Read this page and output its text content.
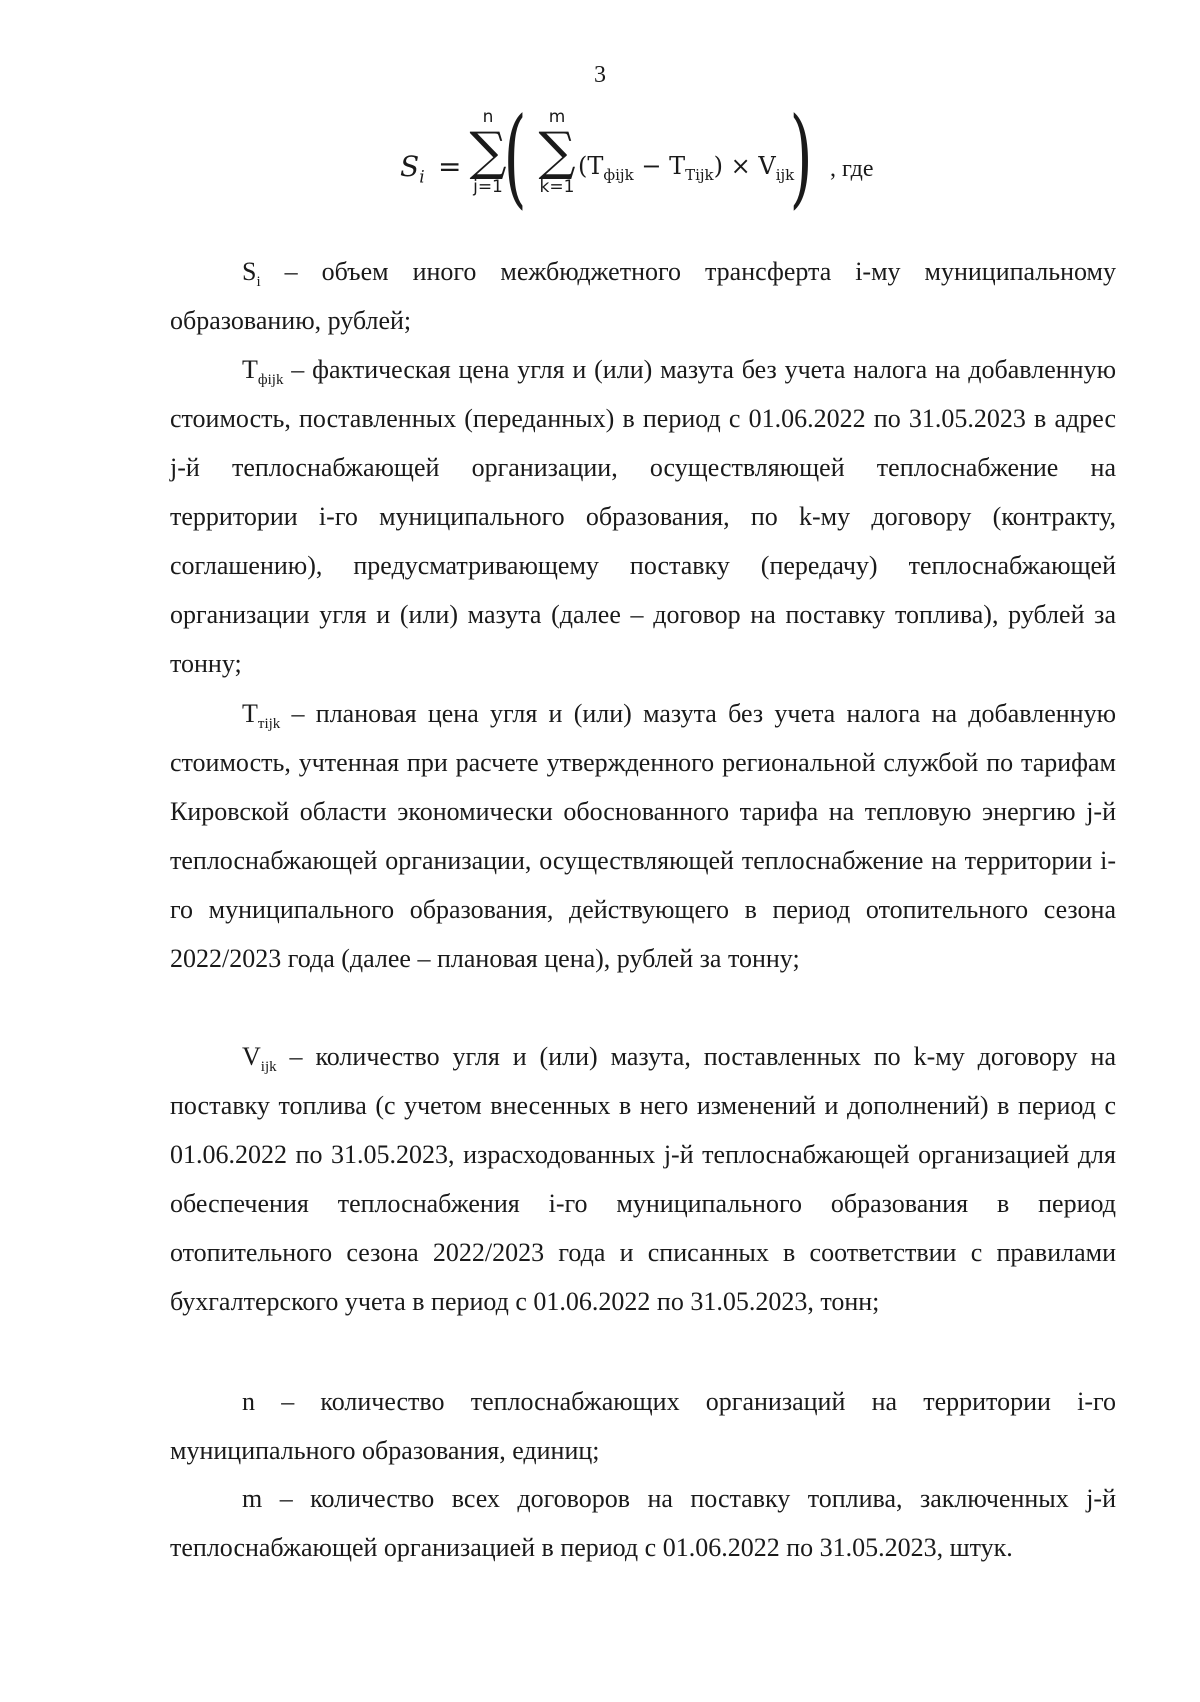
3
$S_i$ =
n
∑
j=1 (	m
∑
k=1
$(Т_{фijk} - Т_{Tijk}) \times V_{ijk}$
) , где

$S_i$ – объем иного межбюджетного трансферта i-му муниципальному образованию, рублей;

$Т_{фijk}$ – фактическая цена угля и (или) мазута без учета налога на добавленную стоимость, поставленных (переданных) в период с 01.06.2022 по 31.05.2023 в адрес j-й теплоснабжающей организации, осуществляющей теплоснабжение на территории i-го муниципального образования, по k-му договору (контракту, соглашению), предусматривающему поставку (передачу) теплоснабжающей организации угля и (или) мазута (далее – договор на поставку топлива), рублей за тонну;

$Т_{тijk}$ – плановая цена угля и (или) мазута без учета налога на добавленную стоимость, учтенная при расчете утвержденного региональной службой по тарифам Кировской области экономически обоснованного тарифа на тепловую энергию j-й теплоснабжающей организации, осуществляющей теплоснабжение на территории i-го муниципального образования, действующего в период отопительного сезона 2022/2023 года (далее – плановая цена), рублей за тонну;

$V_{ijk}$ – количество угля и (или) мазута, поставленных по k-му договору на поставку топлива (с учетом внесенных в него изменений и дополнений) в период с 01.06.2022 по 31.05.2023, израсходованных j-й теплоснабжающей организацией для обеспечения теплоснабжения i-го муниципального образования в период отопительного сезона 2022/2023 года и списанных в соответствии с правилами бухгалтерского учета в период с 01.06.2022 по 31.05.2023, тонн;

n – количество теплоснабжающих организаций на территории i-го муниципального образования, единиц;

m – количество всех договоров на поставку топлива, заключенных j-й теплоснабжающей организацией в период с 01.06.2022 по 31.05.2023, штук.
